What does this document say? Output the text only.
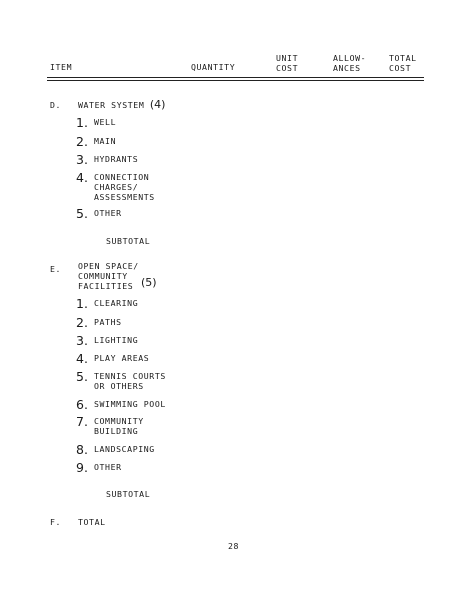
ITEM	QUANTITY
UNIT
COST
ALLOW-
ANCES
TOTAL
COST
D. WATER SYSTEM (4)
1. WELL
2. MAIN
3. HYDRANTS
4. CONNECTION
CHARGES/
ASSESSMENTS
5. OTHER
SUBTOTAL
E. OPEN SPACE/
COMMUNITY
FACILITIES (5)
1. CLEARING
2. PATHS
3. LIGHTING
4. PLAY AREAS
5. TENNIS COURTS
OR OTHERS
6. SWIMMING POOL
7. COMMUNITY
BUILDING
8. LANDSCAPING
9. OTHER
SUBTOTAL
F. TOTAL
28
